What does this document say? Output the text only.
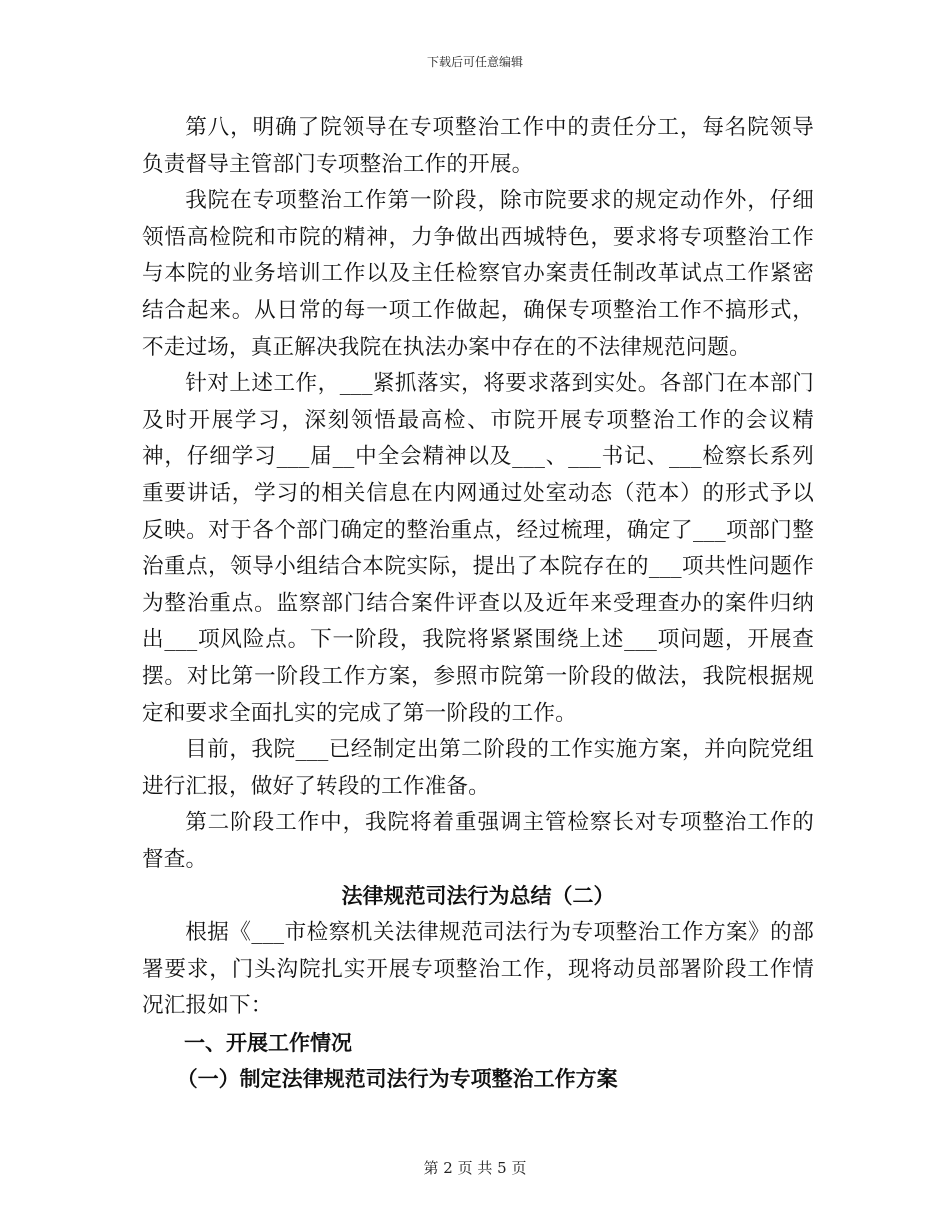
下载后可任意编辑

第八，明确了院领导在专项整治工作中的责任分工，每名院领导负责督导主管部门专项整治工作的开展。

我院在专项整治工作第一阶段，除市院要求的规定动作外，仔细领悟高检院和市院的精神，力争做出西城特色，要求将专项整治工作与本院的业务培训工作以及主任检察官办案责任制改革试点工作紧密结合起来。从日常的每一项工作做起，确保专项整治工作不搞形式，不走过场，真正解决我院在执法办案中存在的不法律规范问题。

针对上述工作，___紧抓落实，将要求落到实处。各部门在本部门及时开展学习，深刻领悟最高检、市院开展专项整治工作的会议精神，仔细学习___届__中全会精神以及___、___书记、___检察长系列重要讲话，学习的相关信息在内网通过处室动态（范本）的形式予以反映。对于各个部门确定的整治重点，经过梳理，确定了___项部门整治重点，领导小组结合本院实际，提出了本院存在的___项共性问题作为整治重点。监察部门结合案件评查以及近年来受理查办的案件归纳出___项风险点。下一阶段，我院将紧紧围绕上述___项问题，开展查摆。对比第一阶段工作方案，参照市院第一阶段的做法，我院根据规定和要求全面扎实的完成了第一阶段的工作。

目前，我院___已经制定出第二阶段的工作实施方案，并向院党组进行汇报，做好了转段的工作准备。

第二阶段工作中，我院将着重强调主管检察长对专项整治工作的督查。

法律规范司法行为总结（二）

根据《___市检察机关法律规范司法行为专项整治工作方案》的部署要求，门头沟院扎实开展专项整治工作，现将动员部署阶段工作情况汇报如下：

一、开展工作情况

（一）制定法律规范司法行为专项整治工作方案

第 2 页 共 5 页
